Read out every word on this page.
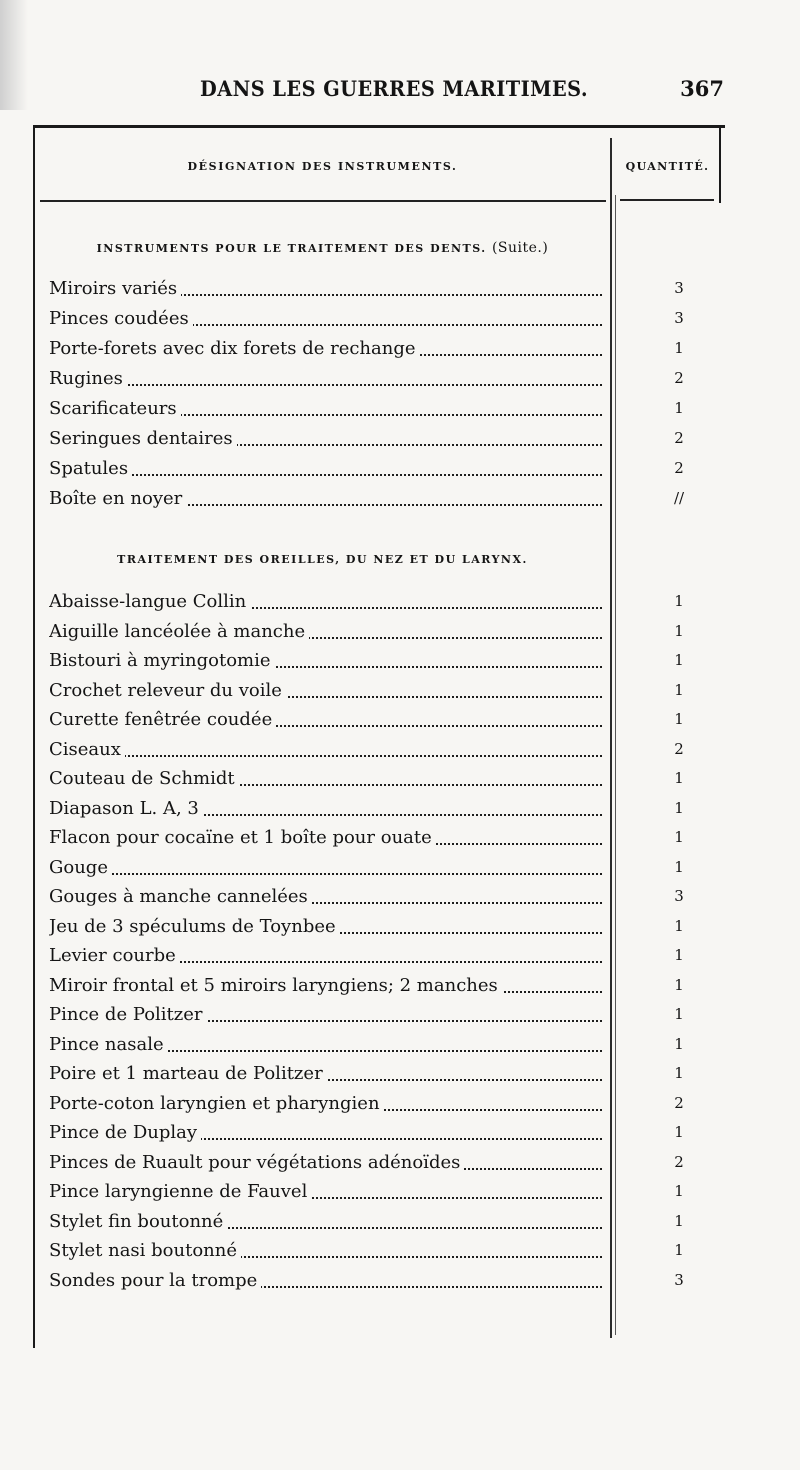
DANS LES GUERRES MARITIMES.	367
DÉSIGNATION DES INSTRUMENTS.	QUANTITÉ.
INSTRUMENTS POUR LE TRAITEMENT DES DENTS. (Suite.)
Miroirs variés	3
Pinces coudées	3
Porte-forets avec dix forets de rechange	1
Rugines	2
Scarificateurs	1
Seringues dentaires	2
Spatules	2
Boîte en noyer	//
TRAITEMENT DES OREILLES, DU NEZ ET DU LARYNX.
Abaisse-langue Collin	1
Aiguille lancéolée à manche	1
Bistouri à myringotomie	1
Crochet releveur du voile	1
Curette fenêtrée coudée	1
Ciseaux	2
Couteau de Schmidt	1
Diapason L. A, 3	1
Flacon pour cocaïne et 1 boîte pour ouate	1
Gouge	1
Gouges à manche cannelées	3
Jeu de 3 spéculums de Toynbee	1
Levier courbe	1
Miroir frontal et 5 miroirs laryngiens; 2 manches	1
Pince de Politzer	1
Pince nasale	1
Poire et 1 marteau de Politzer	1
Porte-coton laryngien et pharyngien	2
Pince de Duplay	1
Pinces de Ruault pour végétations adénoïdes	2
Pince laryngienne de Fauvel	1
Stylet fin boutonné	1
Stylet nasi boutonné	1
Sondes pour la trompe	3
